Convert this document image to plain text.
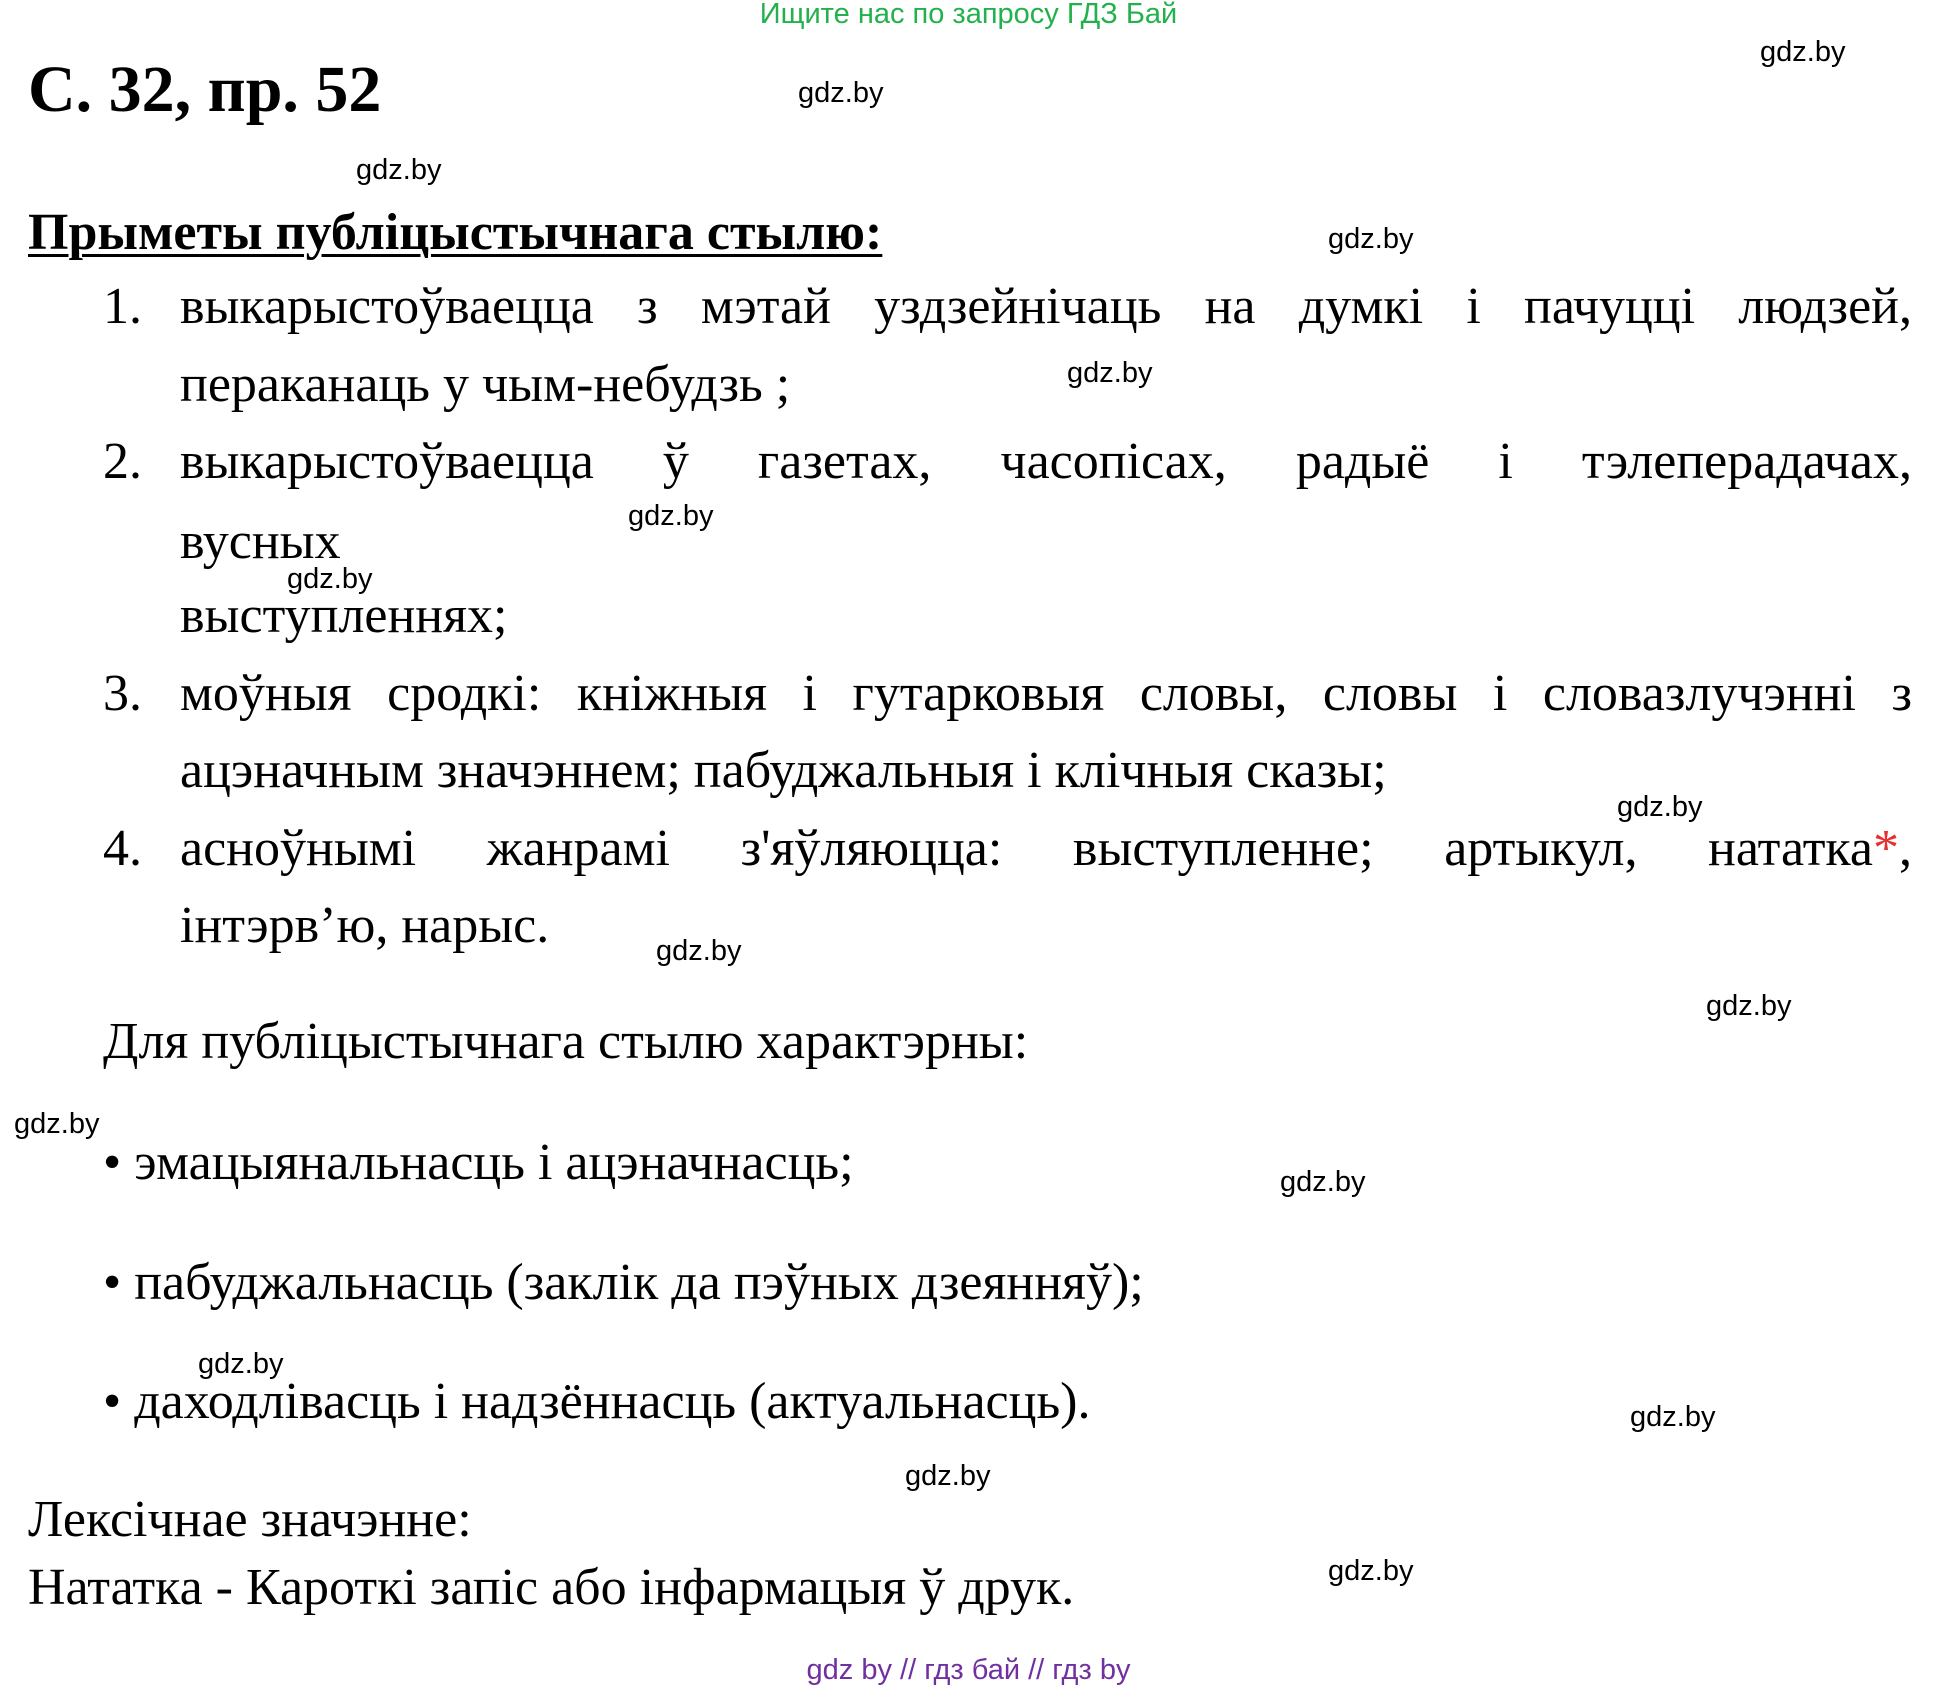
Ищите нас по запросу ГДЗ Бай
С. 32, пр. 52
Прыметы публіцыстычнага стылю:
1. выкарыстоўваецца з мэтай уздзейнічаць на думкі і пачуцці людзей,
пераканаць у чым-небудзь ;
2. выкарыстоўваецца ў газетах, часопісах, радыё і тэлеперадачах,
вусных
выступленнях;
3. моўныя сродкі: кніжныя і гутарковыя словы, словы і словазлучэнні з
ацэначным значэннем; пабуджальныя і клічныя сказы;
4. асноўнымі жанрамі з'яўляюцца: выступленне; артыкул, нататка * ,
інтэрв’ю, нарыс.
Для публіцыстычнага стылю характэрны:
• эмацыянальнасць і ацэначнасць;
• пабуджальнасць (заклік да пэўных дзеянняў);
• даходлівасць і надзённасць (актуальнасць).
Лексічнае значэнне:
Нататка - Кароткі запіс або інфармацыя ў друк.
gdz.by
gdz.by
gdz.by
gdz.by
gdz.by
gdz.by
gdz.by
gdz.by
gdz.by
gdz.by
gdz.by
gdz.by
gdz.by
gdz.by
gdz.by
gdz.by
gdz by // гдз бай // гдз by
